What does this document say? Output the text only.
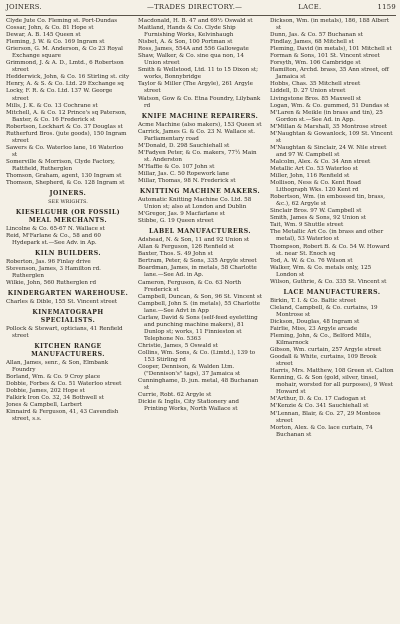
JOINERS.	—TRADES DIRECTORY.—	LACE.	1159

Clyde Jute Co. Fleming st. Port-Dundas

Cossar, John, & Co. 81 Hope st

Dewar, A. B. 145 Queen st

Fleming, J. W. & Co. 169 Ingram st

Grierson, G. M. Anderson, & Co 23 Royal Exchange square

Grimmond, J. & A. D., Lmtd., 6 Robertson street

Hedderwick, John, & Co. 16 Stirling st. city

Henry, A. & S. & Co. Ltd. 29 Exchange sq

Locky, F. R. & Co. Ltd. 137 W. George street

Mills, J. K. & Co. 13 Cochrane st

Mitchell, A. & Co. 12 Prince's sq Paterson, Baxter, & Co. 16 Frederick st

Robertson, Lockhart & Co. 37 Douglas st

Rutherfurd Bros. (jute goods), 150 Ingram street

Sawers & Co. Waterloo lane, 16 Waterloo st

Somerville & Morrison, Clyde Factory, Rattfield, Rutherglen

Thomson, Graham, agent, 130 Ingram st

Thomson, Shepherd, & Co. 128 Ingram st

JOINERS.

SEE WRIGHTS.

KIESELGUHR (OR FOSSIL) MEAL MERCHANTS.

Lincolne & Co. 65-67 N. Wallace st

Reid, M'Farlane & Co., 58 and 60 Hydepark st.—See Adv. in Ap.

KILN BUILDERS.

Roberton, Jas. 96 Finlay drive

Stevenson, James, 3 Hamilton rd. Rutherglen

Wilkie, John, 560 Rutherglen rd

KINDERGARTEN WAREHOUSE.

Charles & Dible, 155 St. Vincent street

KINEMATOGRAPH SPECIALISTS.

Pollock & Stewart, opticians, 41 Renfield street

KITCHEN RANGE MANUFACTURERS.

Allan, James, senr., & Son, Elmbank Foundry

Borland, Wm. & Co. 9 Croy place

Dobbie, Forbes & Co. 51 Waterloo street

Dobbie, James, 202 Hope st

Falkirk Iron Co. 32, 34 Bothwell st

Jones & Campbell, Larbert

Kinnaird & Ferguson, 41, 43 Cavendish street, s.s.

Macdonald, H. B. 47 and 69½ Oswald st

Maitland, Hands & Co. Clyde Ship Furnishing Works, Kelvinhaugh

Nisbet, A. & Son, 100 Portman st

Ross, James, 554A and 556 Gallowgate

Shaw, Walker, & Co. sine qua non, 14 Union street

Smith & Wellstood, Ltd. 11 to 15 Dixon st; works, Bonnybridge

Taylor & Miller (The Argyle), 261 Argyle street

Watson, Gow & Co. Etna Foundry, Lilybank rd

KNIFE MACHINE REPAIRERS.

Acme Machine (also makers), 153 Queen st

Carrick, James G. & Co. 23 N. Wallace st. Parliamentary road

M'Donald, D. 298 Sauchiehall st

M'Fadyen Peter, & Co. makers, 77½ Main st. Anderston

M'Haffie & Co. 107 John st

Millar, Jas. C. 50 Ropework lane

Millar, Thomas, 98 N. Frederick st

KNITTING MACHINE MAKERS.

Automatic Knitting Machine Co. Ltd. 58 Union st; also at London and Dublin

M'Gregor, Jas. 9 Macfarlane st

Stibbe, G. 19 Queen street

LABEL MANUFACTURERS.

Adshead, N. & Son, 11 and 92 Union st

Allan & Ferguson, 126 Renfield st

Baxter, Thos. S. 49 John st

Bertram, Peter, & Sons, 335 Argyle street

Boardman, James, in metals, 58 Charlotte lane.—See Ad. in Ap.

Cameron, Ferguson, & Co. 63 North Frederick st

Campbell, Duncan, & Son, 96 St. Vincent st

Campbell, John S. (in metals), 55 Charlotte lane.—See Advt in App

Carlaw, David & Sons (self-feed eyeletting and punching machine makers), 81 Dunlop st; works, 11 Finnieston st Telephone No. 5363

Christie, James, 5 Oswald st

Collins, Wm. Sons, & Co. (Limtd.), 139 to 153 Stirling rd

Cooper, Dennison, & Walden Ltm. ("Dennison's" tags), 37 Jamaica st

Cunninghame, D. jun. metal, 48 Buchanan st

Currie, Robt. 62 Argyle st

Dickie & Inglis, City Stationery and Printing Works, North Wallace st

Dickson, Wm. (in metals), 186, 188 Albert st

Dunn, Jas. & Co. 57 Buchanan st

Findlay, James, 68 Mitchell st

Fleming, David (in metals), 101 Mitchell st

Forman & Sons, 101 St. Vincent street

Forsyth, Wm. 106 Cambridge st

Hamilton, Archd. brass, 35 Ann street, off Jamaica st

Hobbs, Chas. 35 Mitchell street

Liddell, D. 27 Union street

Livingstone Bros. 85 Maxwell st

Logan, Wm. & Co. gummed, 51 Dundas st

M'Laren & Meikle (in brass and tin), 25 Gordon st.—See Ad. in App.

M'Millan & Marshall, 35 Montrose street

M'Naughtan & Gowanlock, 109 St. Vincent st

M'Naughtan & Sinclair, 24 W. Nile street and 97 W. Campbell st

Malcolm, Alex. & Co. 34 Ann street

Metallic Art Co. 53 Waterloo st

Miller, John, 116 Renfield st

Mollison, Ness & Co. Kent Road Lithograph Wks. 120 Kent rd

Robertson, Wm. (in embossed tin, brass, &c.), 62 Argyle st

Sinclair Bros. 97 W. Campbell st

Smith, James & Sons, 92 Union st

Tait, Wm. 9 Shuttle street

The Metallic Art Co. (in brass and other metal), 53 Waterloo st

Thompson, Robert B. & Co. 54 W. Howard st. near St. Enoch sq

Tod, A. W. & Co. 76 Wilson st

Walker, Wm. & Co. metals only, 125 London st

Wilson, Guthrie, & Co. 335 St. Vincent st

LACE MANUFACTURERS.

Birkin, T. I. & Co. Baltic street

Cleland, Campbell, & Co. curtains, 19 Montrose st

Dickson, Douglas, 48 Ingram st

Fairlie, Miss, 23 Argyle arcade

Fleming, John, & Co., Belford Mills, Kilmarnock

Gibson, Wm. curtain, 257 Argyle street

Goodall & White, curtains, 109 Brook street

Harris, Mrs. Matthew, 108 Green st. Calton

Kenning, G. & Son (gold, silver, tinsel, mohair, worsted for all purposes), 9 West Howard st

M'Arthur, D. & Co. 17 Cadogan st

M'Kenzie & Co. 341 Sauchiehall st

M'Lennan, Blair, & Co. 27, 29 Monteos street

Morton, Alex. & Co. lace curtain, 74 Buchanan st
